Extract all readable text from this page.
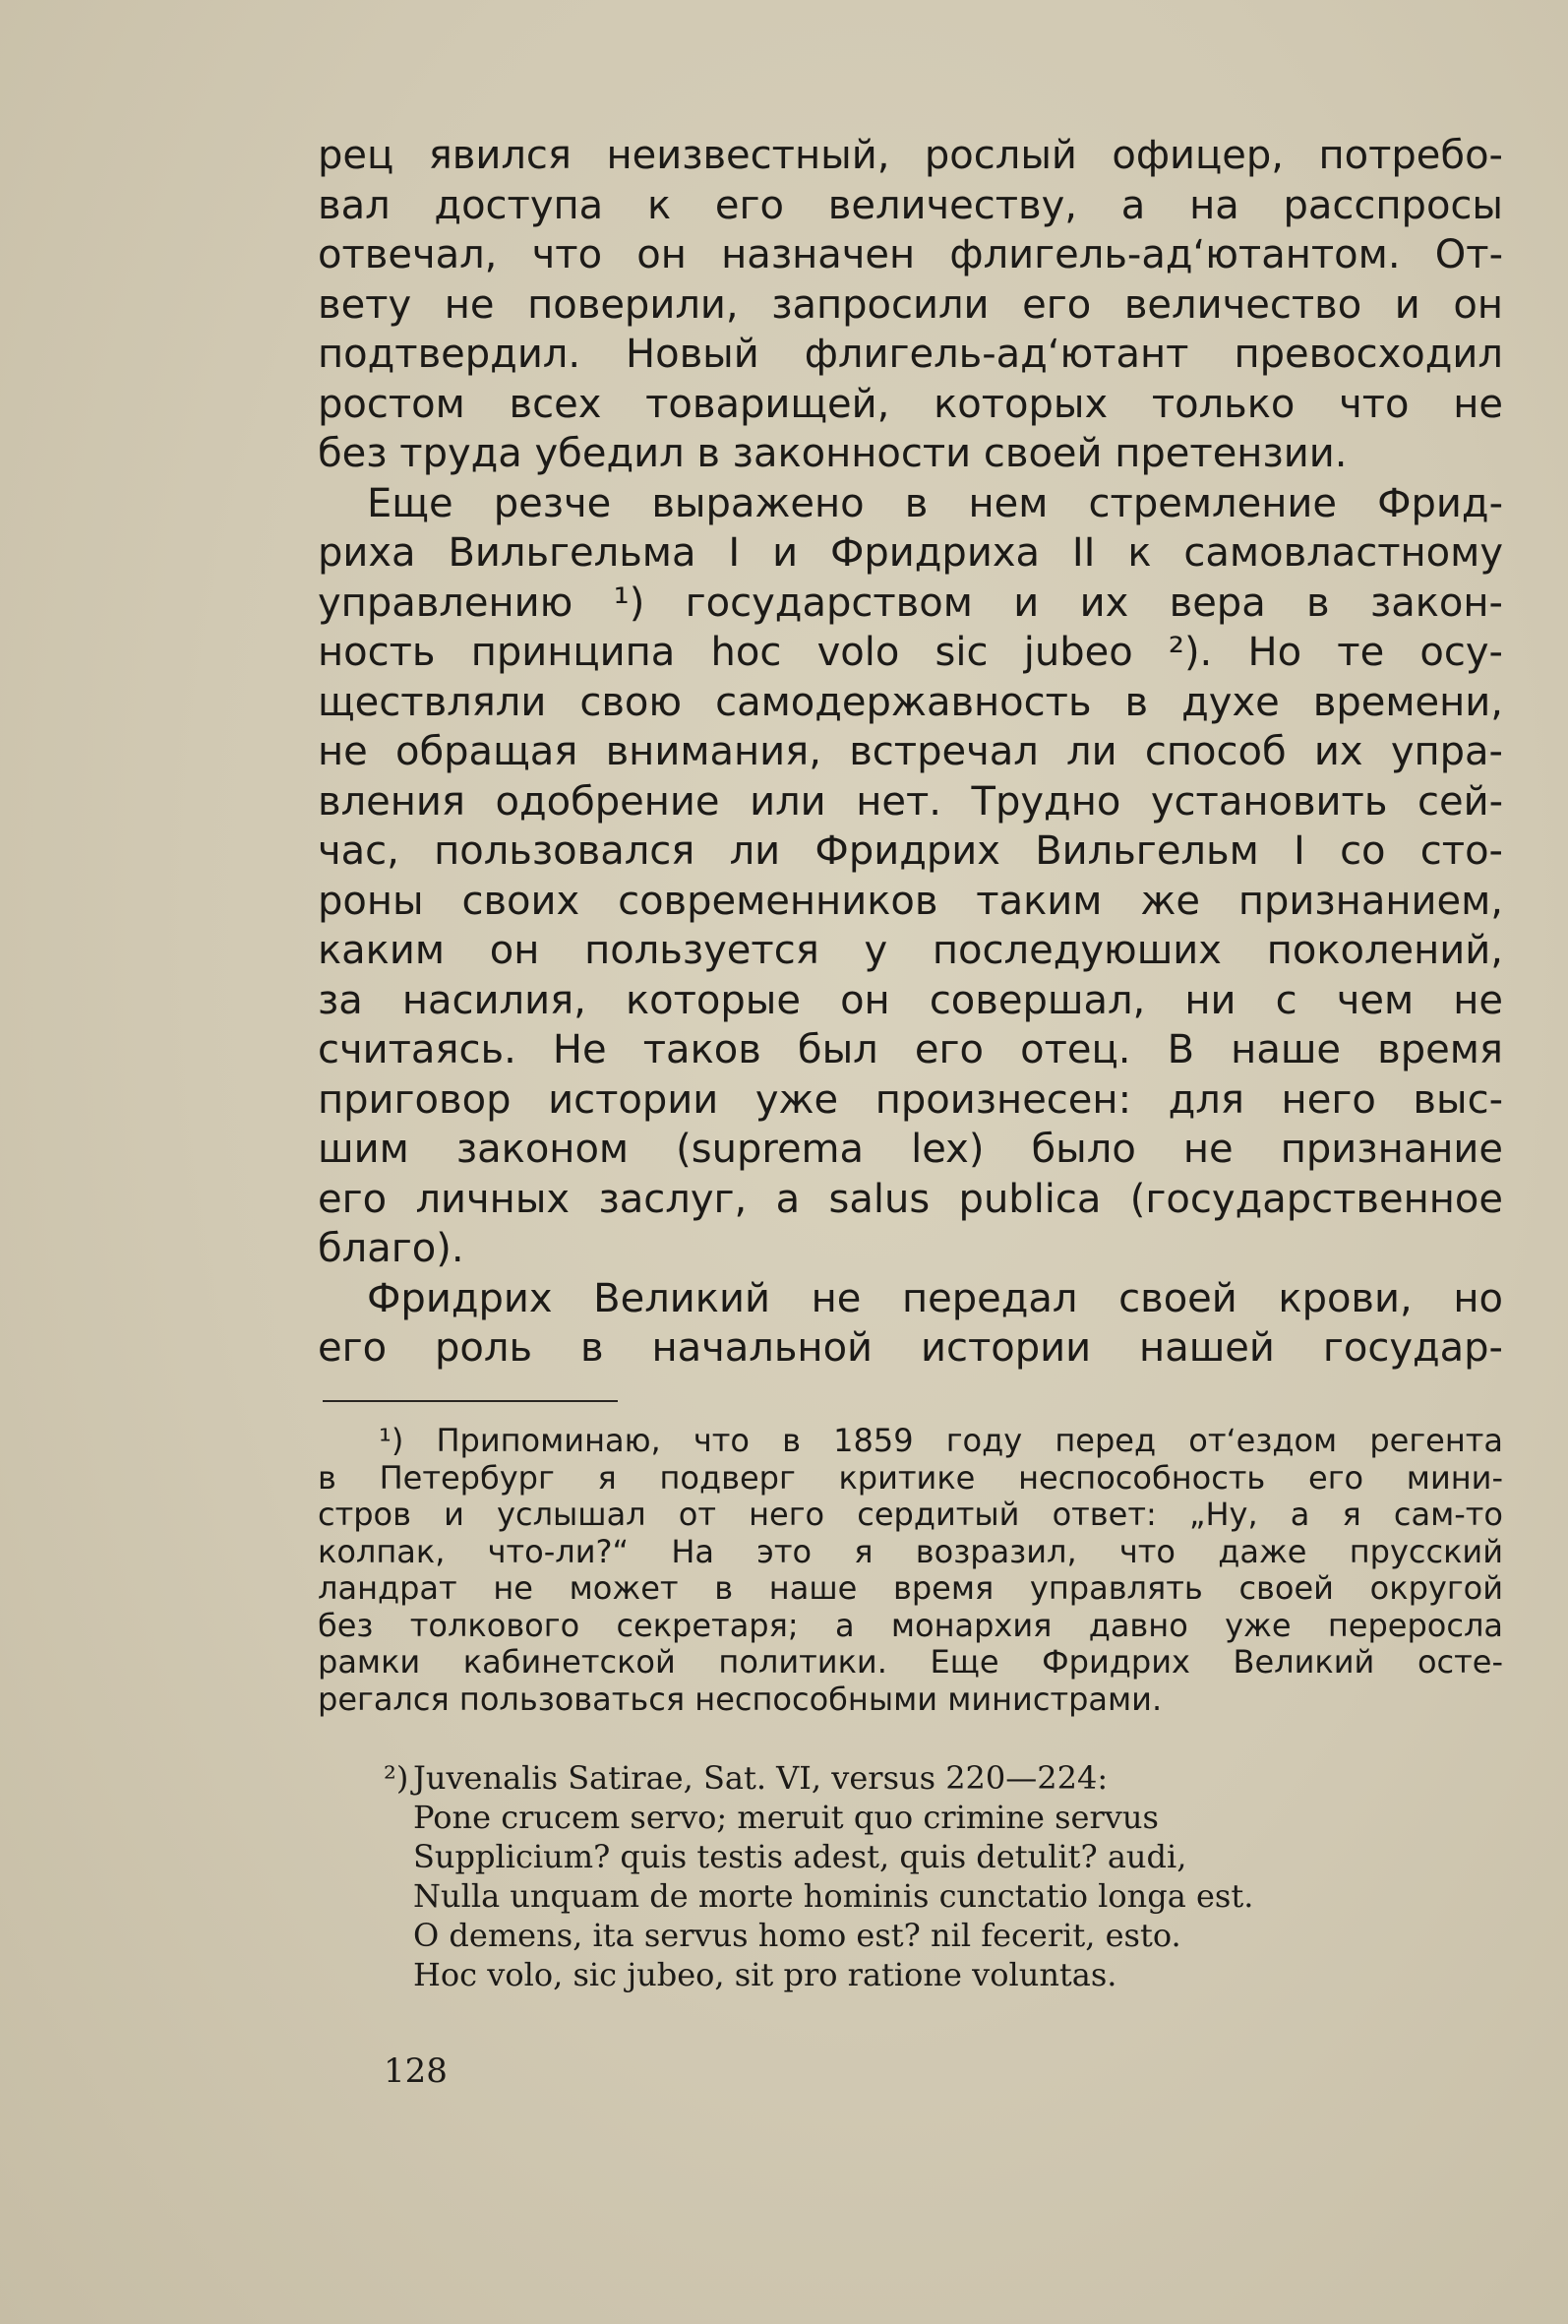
рец явился неизвестный, рослый офицер, потребо-
вал доступа к его величеству, а на расспросы
отвечал, что он назначен флигель-ад‘ютантом. От-
вету не поверили, запросили его величество и он
подтвердил. Новый флигель-ад‘ютант превосходил
ростом всех товарищей, которых только что не
без труда убедил в законности своей претензии.
Еще резче выражено в нем стремление Фрид-
риха Вильгельма I и Фридриха II к самовластному
управлению ¹) государством и их вера в закон-
ность принципа hoc volo sic jubeo ²). Но те осу-
ществляли свою самодержавность в духе времени,
не обращая внимания, встречал ли способ их упра-
вления одобрение или нет. Трудно установить сей-
час, пользовался ли Фридрих Вильгельм I со сто-
роны своих современников таким же признанием,
каким он пользуется у последуюших поколений,
за насилия, которые он совершал, ни с чем не
считаясь. Не таков был его отец. В наше время
приговор истории уже произнесен: для него выс-
шим законом (suprema lex) было не признание
его личных заслуг, а salus publica (государственное
благо).
Фридрих Великий не передал своей крови, но
его роль в начальной истории нашей государ-
¹) Припоминаю, что в 1859 году перед от‘ездом регента
в Петербург я подверг критике неспособность его мини-
стров и услышал от него сердитый ответ: „Ну, а я сам-то
колпак, что-ли?“ На это я возразил, что даже прусский
ландрат не может в наше время управлять своей округой
без толкового секретаря; а монархия давно уже переросла
рамки кабинетской политики. Еще Фридрих Великий осте-
регался пользоваться неспособными министрами.
²) Juvenalis Satirae, Sat. VI, versus 220—224:
Pone crucem servo; meruit quo crimine servus
Supplicium? quis testis adest, quis detulit? audi,
Nulla unquam de morte hominis cunctatio longa est.
O demens, ita servus homo est? nil fecerit, esto.
Hoc volo, sic jubeo, sit pro ratione voluntas.
128
